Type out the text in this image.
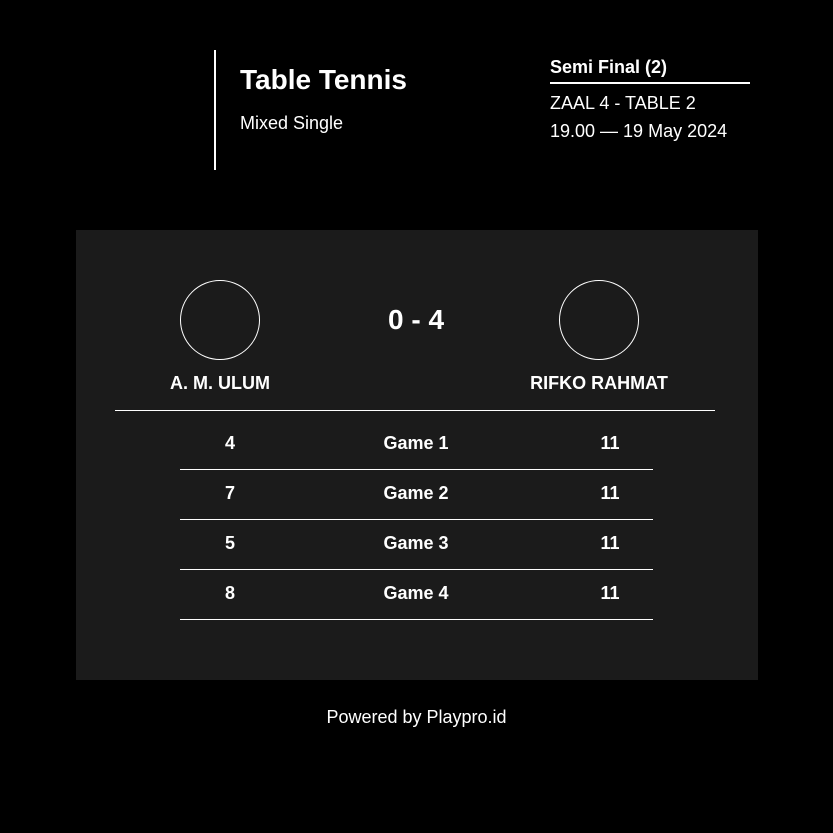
Table Tennis
Mixed Single
Semi Final (2)
ZAAL 4 - TABLE 2
19.00 — 19 May 2024
0 - 4
A. M. ULUM	RIFKO RAHMAT
4	Game 1	11
7	Game 2	11
5	Game 3	11
8	Game 4	11
Powered by Playpro.id
